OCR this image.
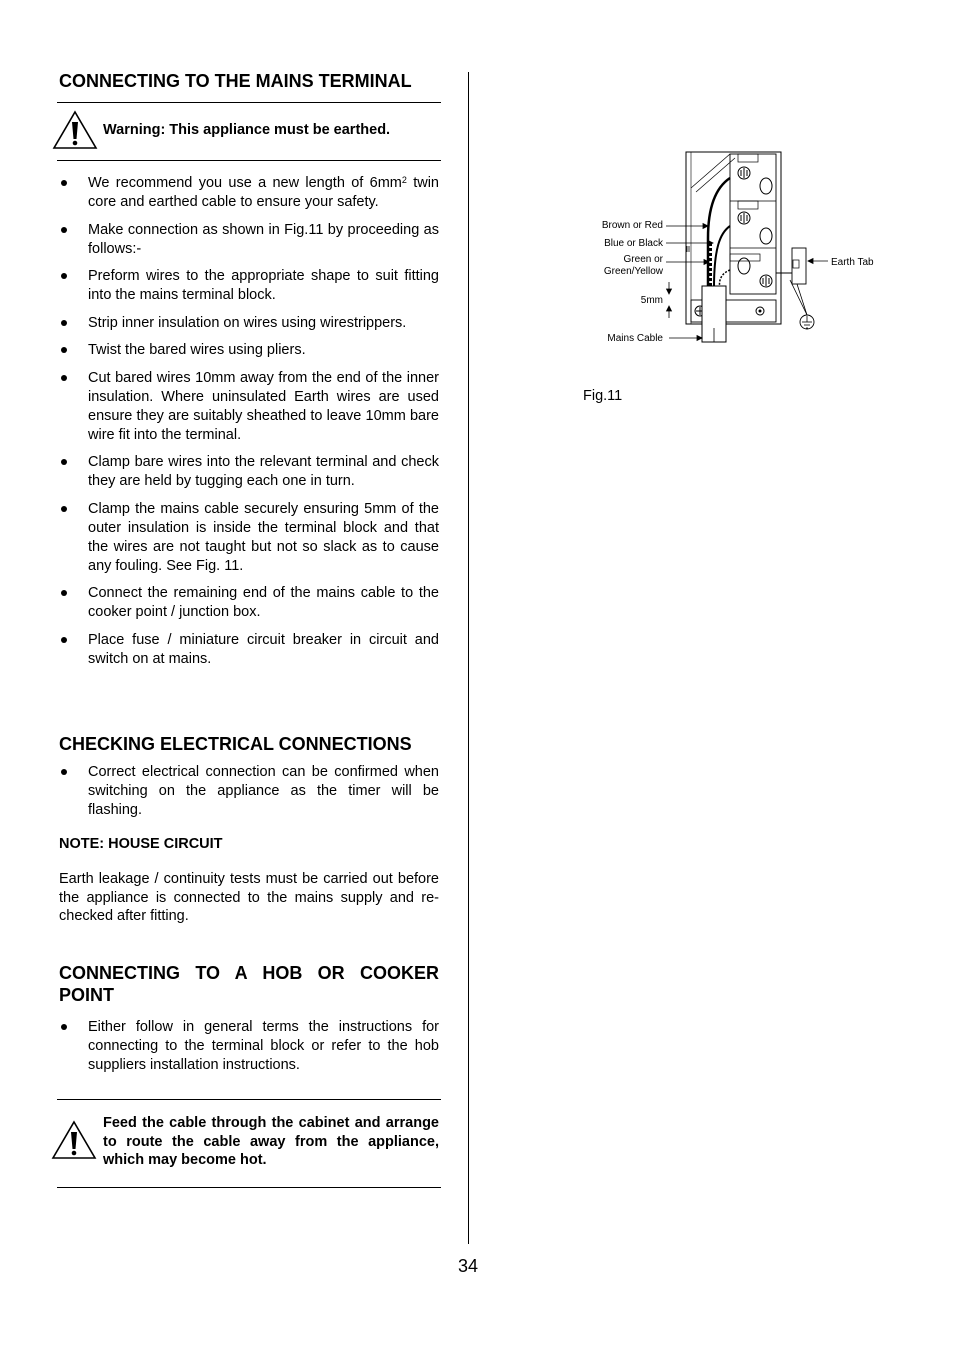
CONNECTING TO THE MAINS TERMINAL
Warning: This appliance must be earthed.
We recommend you use a new length of $6mm^2$ twin core and earthed cable to ensure your safety.
Make connection as shown in Fig.11 by proceeding as follows:-
Preform wires to the appropriate shape to suit fitting into the mains terminal block.
Strip inner insulation on wires using wirestrippers.
Twist the bared wires using pliers.
Cut bared wires 10mm away from the end of the inner insulation. Where uninsulated Earth wires are used ensure they are suitably sheathed to leave 10mm bare wire fit into the terminal.
Clamp bare wires into the relevant terminal and check they are held by tugging each one in turn.
Clamp the mains cable securely ensuring 5mm of the outer insulation is inside the terminal block and that the wires are not taught but not so slack as to cause any fouling. See Fig. 11.
Connect the remaining end of the mains cable to the cooker point / junction box.
Place fuse / miniature circuit breaker in circuit and switch on at mains.
CHECKING ELECTRICAL CONNECTIONS
Correct electrical connection can be confirmed when switching on the appliance as the timer will be flashing.
NOTE: HOUSE CIRCUIT
Earth leakage / continuity tests must be carried out before the appliance is connected to the mains supply and re-checked after fitting.
CONNECTING TO A HOB OR COOKER POINT
Either follow in general terms the instructions for connecting to the terminal block or refer to the hob suppliers installation instructions.
Feed the cable through the cabinet and arrange to route the cable away from the appliance, which may become hot.
Brown or Red
Blue or Black
Green or
Green/Yellow
5mm
Mains Cable
Earth Tab
Fig.11
34
